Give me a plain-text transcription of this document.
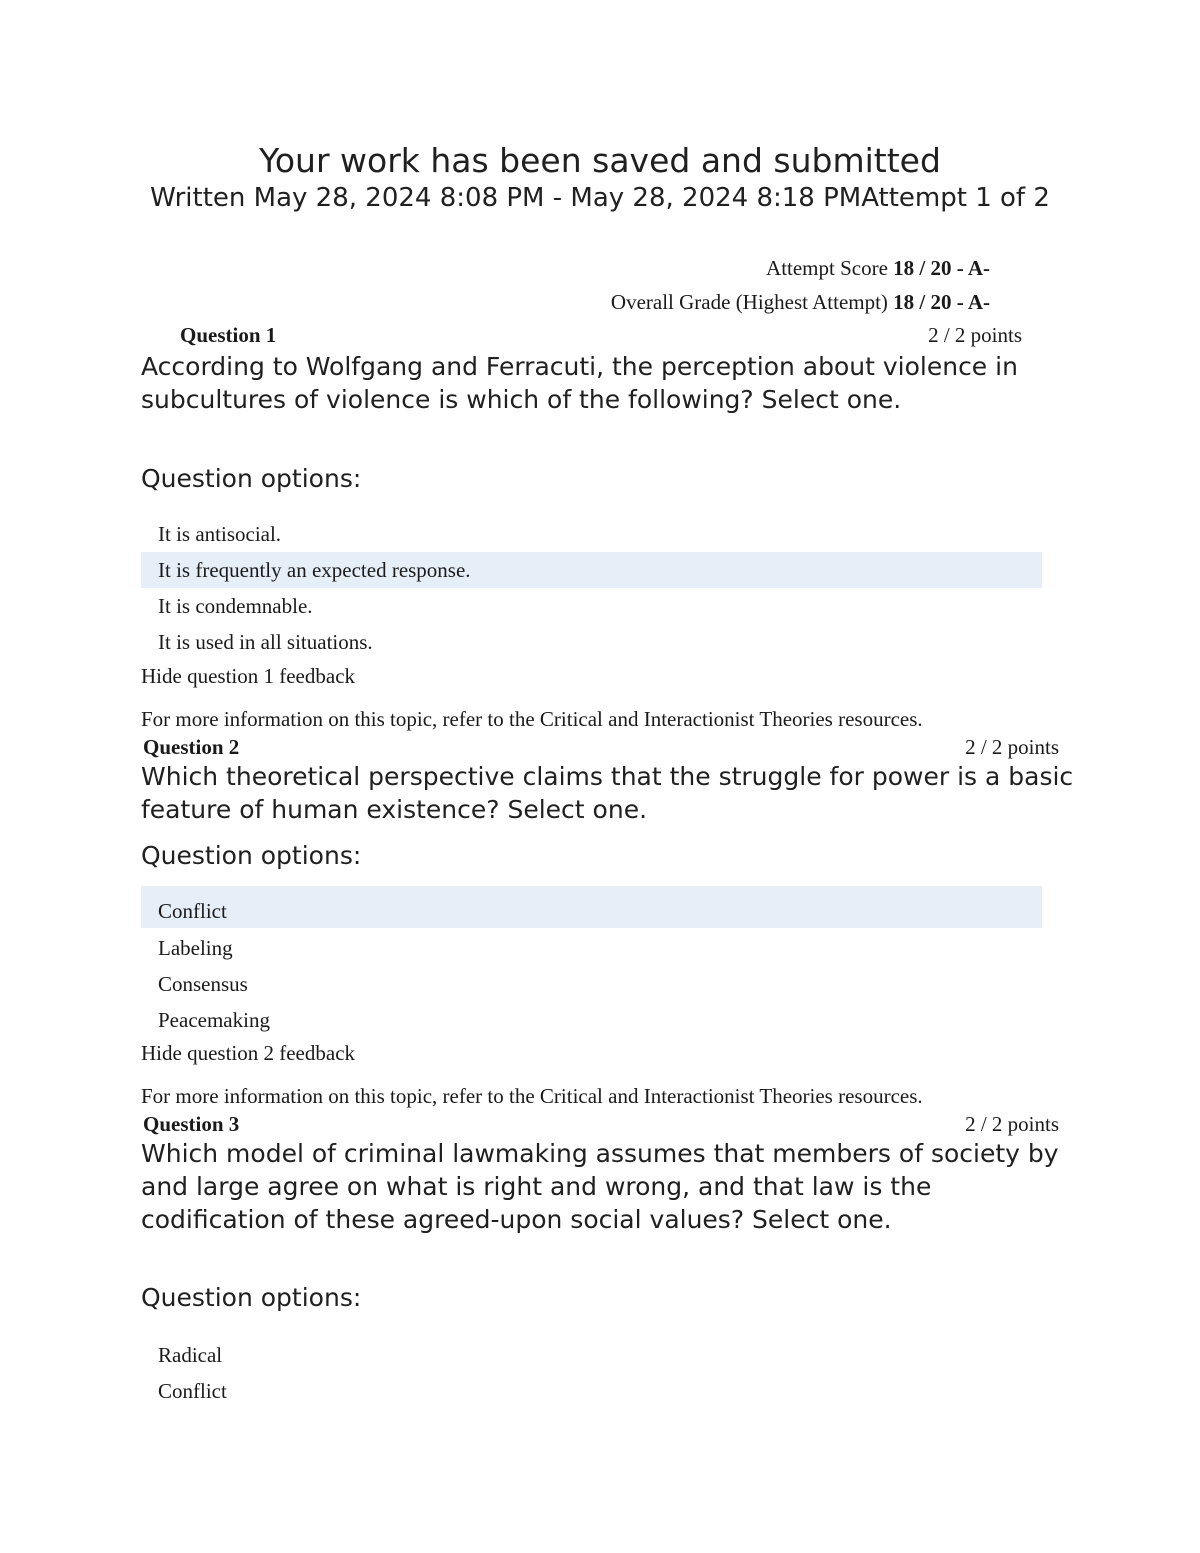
Your work has been saved and submitted
Written May 28, 2024 8:08 PM - May 28, 2024 8:18 PMAttempt 1 of 2
Attempt Score 18 / 20 - A-
Overall Grade (Highest Attempt) 18 / 20 - A-
Question 1	2 / 2 points
According to Wolfgang and Ferracuti, the perception about violence in subcultures of violence is which of the following? Select one.
Question options:
It is antisocial.
It is frequently an expected response.
It is condemnable.
It is used in all situations.
Hide question 1 feedback
For more information on this topic, refer to the Critical and Interactionist Theories resources.
Question 2	2 / 2 points
Which theoretical perspective claims that the struggle for power is a basic feature of human existence? Select one.
Question options:
Conflict
Labeling
Consensus
Peacemaking
Hide question 2 feedback
For more information on this topic, refer to the Critical and Interactionist Theories resources.
Question 3	2 / 2 points
Which model of criminal lawmaking assumes that members of society by and large agree on what is right and wrong, and that law is the codification of these agreed-upon social values? Select one.
Question options:
Radical
Conflict
